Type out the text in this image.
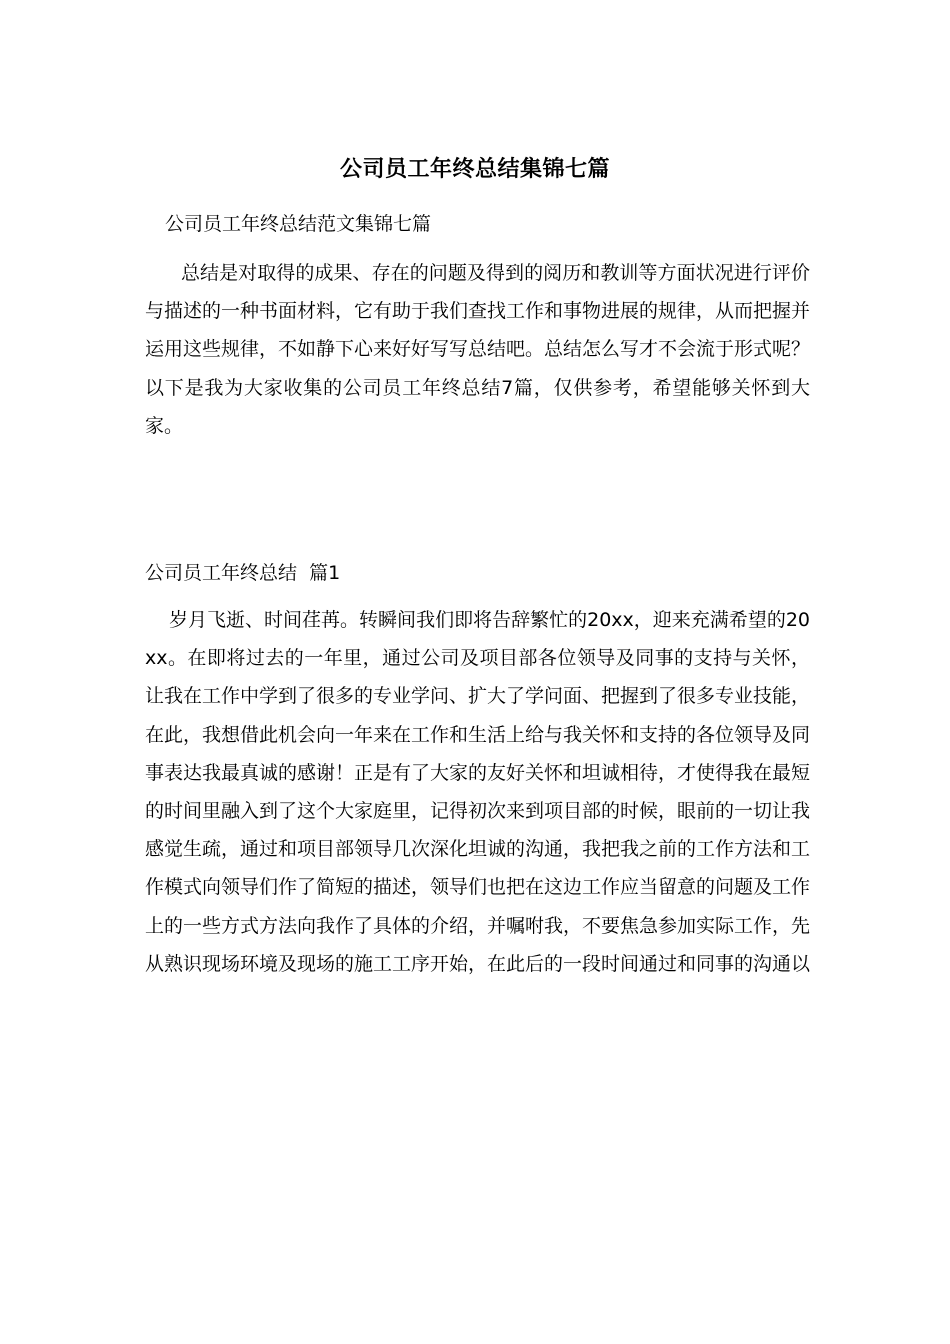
公司员工年终总结集锦七篇
公司员工年终总结范文集锦七篇
总结是对取得的成果、存在的问题及得到的阅历和教训等方面状况进行评价与描述的一种书面材料，它有助于我们查找工作和事物进展的规律，从而把握并运用这些规律，不如静下心来好好写写总结吧。总结怎么写才不会流于形式呢？以下是我为大家收集的公司员工年终总结7篇，仅供参考，希望能够关怀到大家。
公司员工年终总结  篇1
岁月飞逝、时间荏苒。转瞬间我们即将告辞繁忙的20xx，迎来充满希望的20xx。在即将过去的一年里，通过公司及项目部各位领导及同事的支持与关怀，让我在工作中学到了很多的专业学问、扩大了学问面、把握到了很多专业技能，在此，我想借此机会向一年来在工作和生活上给与我关怀和支持的各位领导及同事表达我最真诚的感谢！正是有了大家的友好关怀和坦诚相待，才使得我在最短的时间里融入到了这个大家庭里，记得初次来到项目部的时候，眼前的一切让我感觉生疏，通过和项目部领导几次深化坦诚的沟通，我把我之前的工作方法和工作模式向领导们作了简短的描述，领导们也把在这边工作应当留意的问题及工作上的一些方式方法向我作了具体的介绍，并嘱咐我，不要焦急参加实际工作，先从熟识现场环境及现场的施工工序开始，在此后的一段时间通过和同事的沟通以
